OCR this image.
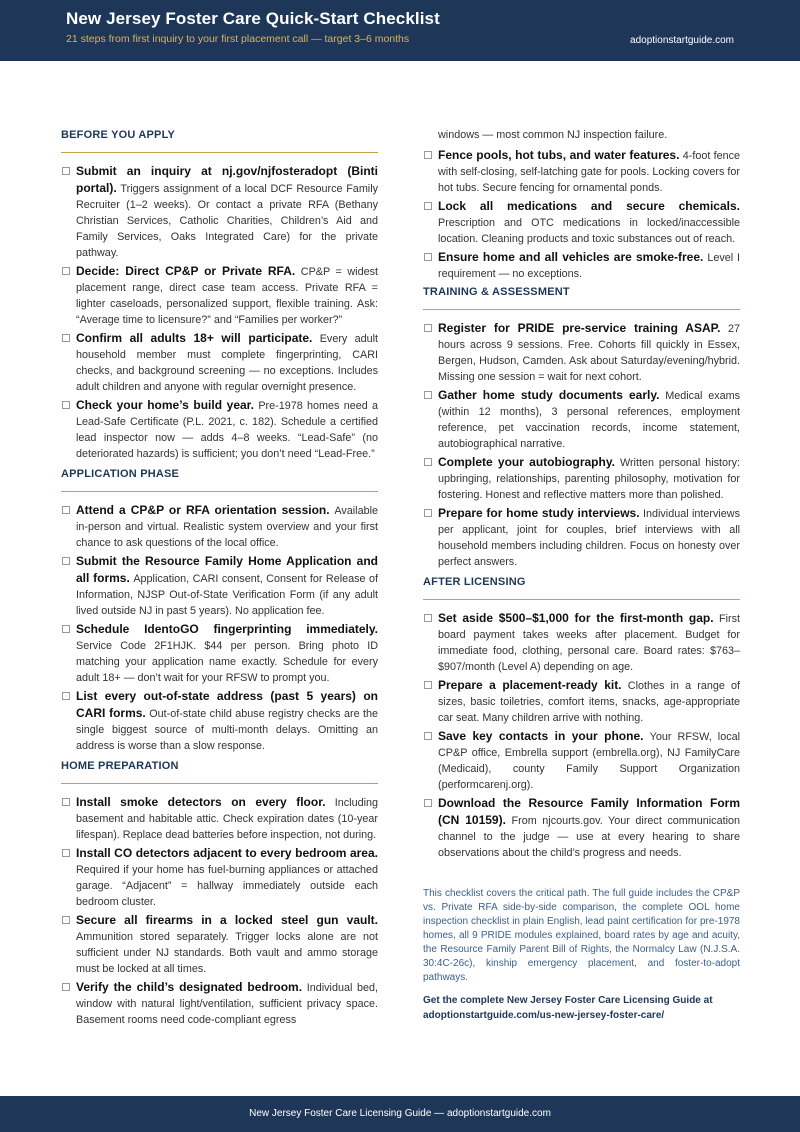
New Jersey Foster Care Quick-Start Checklist
21 steps from first inquiry to your first placement call — target 3–6 months	adoptionstartguide.com
BEFORE YOU APPLY
Submit an inquiry at nj.gov/njfosteradopt (Binti portal). Triggers assignment of a local DCF Resource Family Recruiter (1–2 weeks). Or contact a private RFA (Bethany Christian Services, Catholic Charities, Children’s Aid and Family Services, Oaks Integrated Care) for the private pathway.
Decide: Direct CP&P or Private RFA. CP&P = widest placement range, direct case team access. Private RFA = lighter caseloads, personalized support, flexible training. Ask: “Average time to licensure?” and “Families per worker?”
Confirm all adults 18+ will participate. Every adult household member must complete fingerprinting, CARI checks, and background screening — no exceptions. Includes adult children and anyone with regular overnight presence.
Check your home’s build year. Pre-1978 homes need a Lead-Safe Certificate (P.L. 2021, c. 182). Schedule a certified lead inspector now — adds 4–8 weeks. “Lead-Safe” (no deteriorated hazards) is sufficient; you don’t need “Lead-Free.”
APPLICATION PHASE
Attend a CP&P or RFA orientation session. Available in-person and virtual. Realistic system overview and your first chance to ask questions of the local office.
Submit the Resource Family Home Application and all forms. Application, CARI consent, Consent for Release of Information, NJSP Out-of-State Verification Form (if any adult lived outside NJ in past 5 years). No application fee.
Schedule IdentoGO fingerprinting immediately. Service Code 2F1HJK. $44 per person. Bring photo ID matching your application name exactly. Schedule for every adult 18+ — don’t wait for your RFSW to prompt you.
List every out-of-state address (past 5 years) on CARI forms. Out-of-state child abuse registry checks are the single biggest source of multi-month delays. Omitting an address is worse than a slow response.
HOME PREPARATION
Install smoke detectors on every floor. Including basement and habitable attic. Check expiration dates (10-year lifespan). Replace dead batteries before inspection, not during.
Install CO detectors adjacent to every bedroom area. Required if your home has fuel-burning appliances or attached garage. “Adjacent” = hallway immediately outside each bedroom cluster.
Secure all firearms in a locked steel gun vault. Ammunition stored separately. Trigger locks alone are not sufficient under NJ standards. Both vault and ammo storage must be locked at all times.
Verify the child’s designated bedroom. Individual bed, window with natural light/ventilation, sufficient privacy space. Basement rooms need code-compliant egress
windows — most common NJ inspection failure.
Fence pools, hot tubs, and water features. 4-foot fence with self-closing, self-latching gate for pools. Locking covers for hot tubs. Secure fencing for ornamental ponds.
Lock all medications and secure chemicals. Prescription and OTC medications in locked/inaccessible location. Cleaning products and toxic substances out of reach.
Ensure home and all vehicles are smoke-free. Level I requirement — no exceptions.
TRAINING & ASSESSMENT
Register for PRIDE pre-service training ASAP. 27 hours across 9 sessions. Free. Cohorts fill quickly in Essex, Bergen, Hudson, Camden. Ask about Saturday/evening/hybrid. Missing one session = wait for next cohort.
Gather home study documents early. Medical exams (within 12 months), 3 personal references, employment reference, pet vaccination records, income statement, autobiographical narrative.
Complete your autobiography. Written personal history: upbringing, relationships, parenting philosophy, motivation for fostering. Honest and reflective matters more than polished.
Prepare for home study interviews. Individual interviews per applicant, joint for couples, brief interviews with all household members including children. Focus on honesty over perfect answers.
AFTER LICENSING
Set aside $500–$1,000 for the first-month gap. First board payment takes weeks after placement. Budget for immediate food, clothing, personal care. Board rates: $763–$907/month (Level A) depending on age.
Prepare a placement-ready kit. Clothes in a range of sizes, basic toiletries, comfort items, snacks, age-appropriate car seat. Many children arrive with nothing.
Save key contacts in your phone. Your RFSW, local CP&P office, Embrella support (embrella.org), NJ FamilyCare (Medicaid), county Family Support Organization (performcarenj.org).
Download the Resource Family Information Form (CN 10159). From njcourts.gov. Your direct communication channel to the judge — use at every hearing to share observations about the child’s progress and needs.
This checklist covers the critical path. The full guide includes the CP&P vs. Private RFA side-by-side comparison, the complete OOL home inspection checklist in plain English, lead paint certification for pre-1978 homes, all 9 PRIDE modules explained, board rates by age and acuity, the Resource Family Parent Bill of Rights, the Normalcy Law (N.J.S.A. 30:4C-26c), kinship emergency placement, and foster-to-adopt pathways.
Get the complete New Jersey Foster Care Licensing Guide at
adoptionstartguide.com/us-new-jersey-foster-care/
New Jersey Foster Care Licensing Guide — adoptionstartguide.com
